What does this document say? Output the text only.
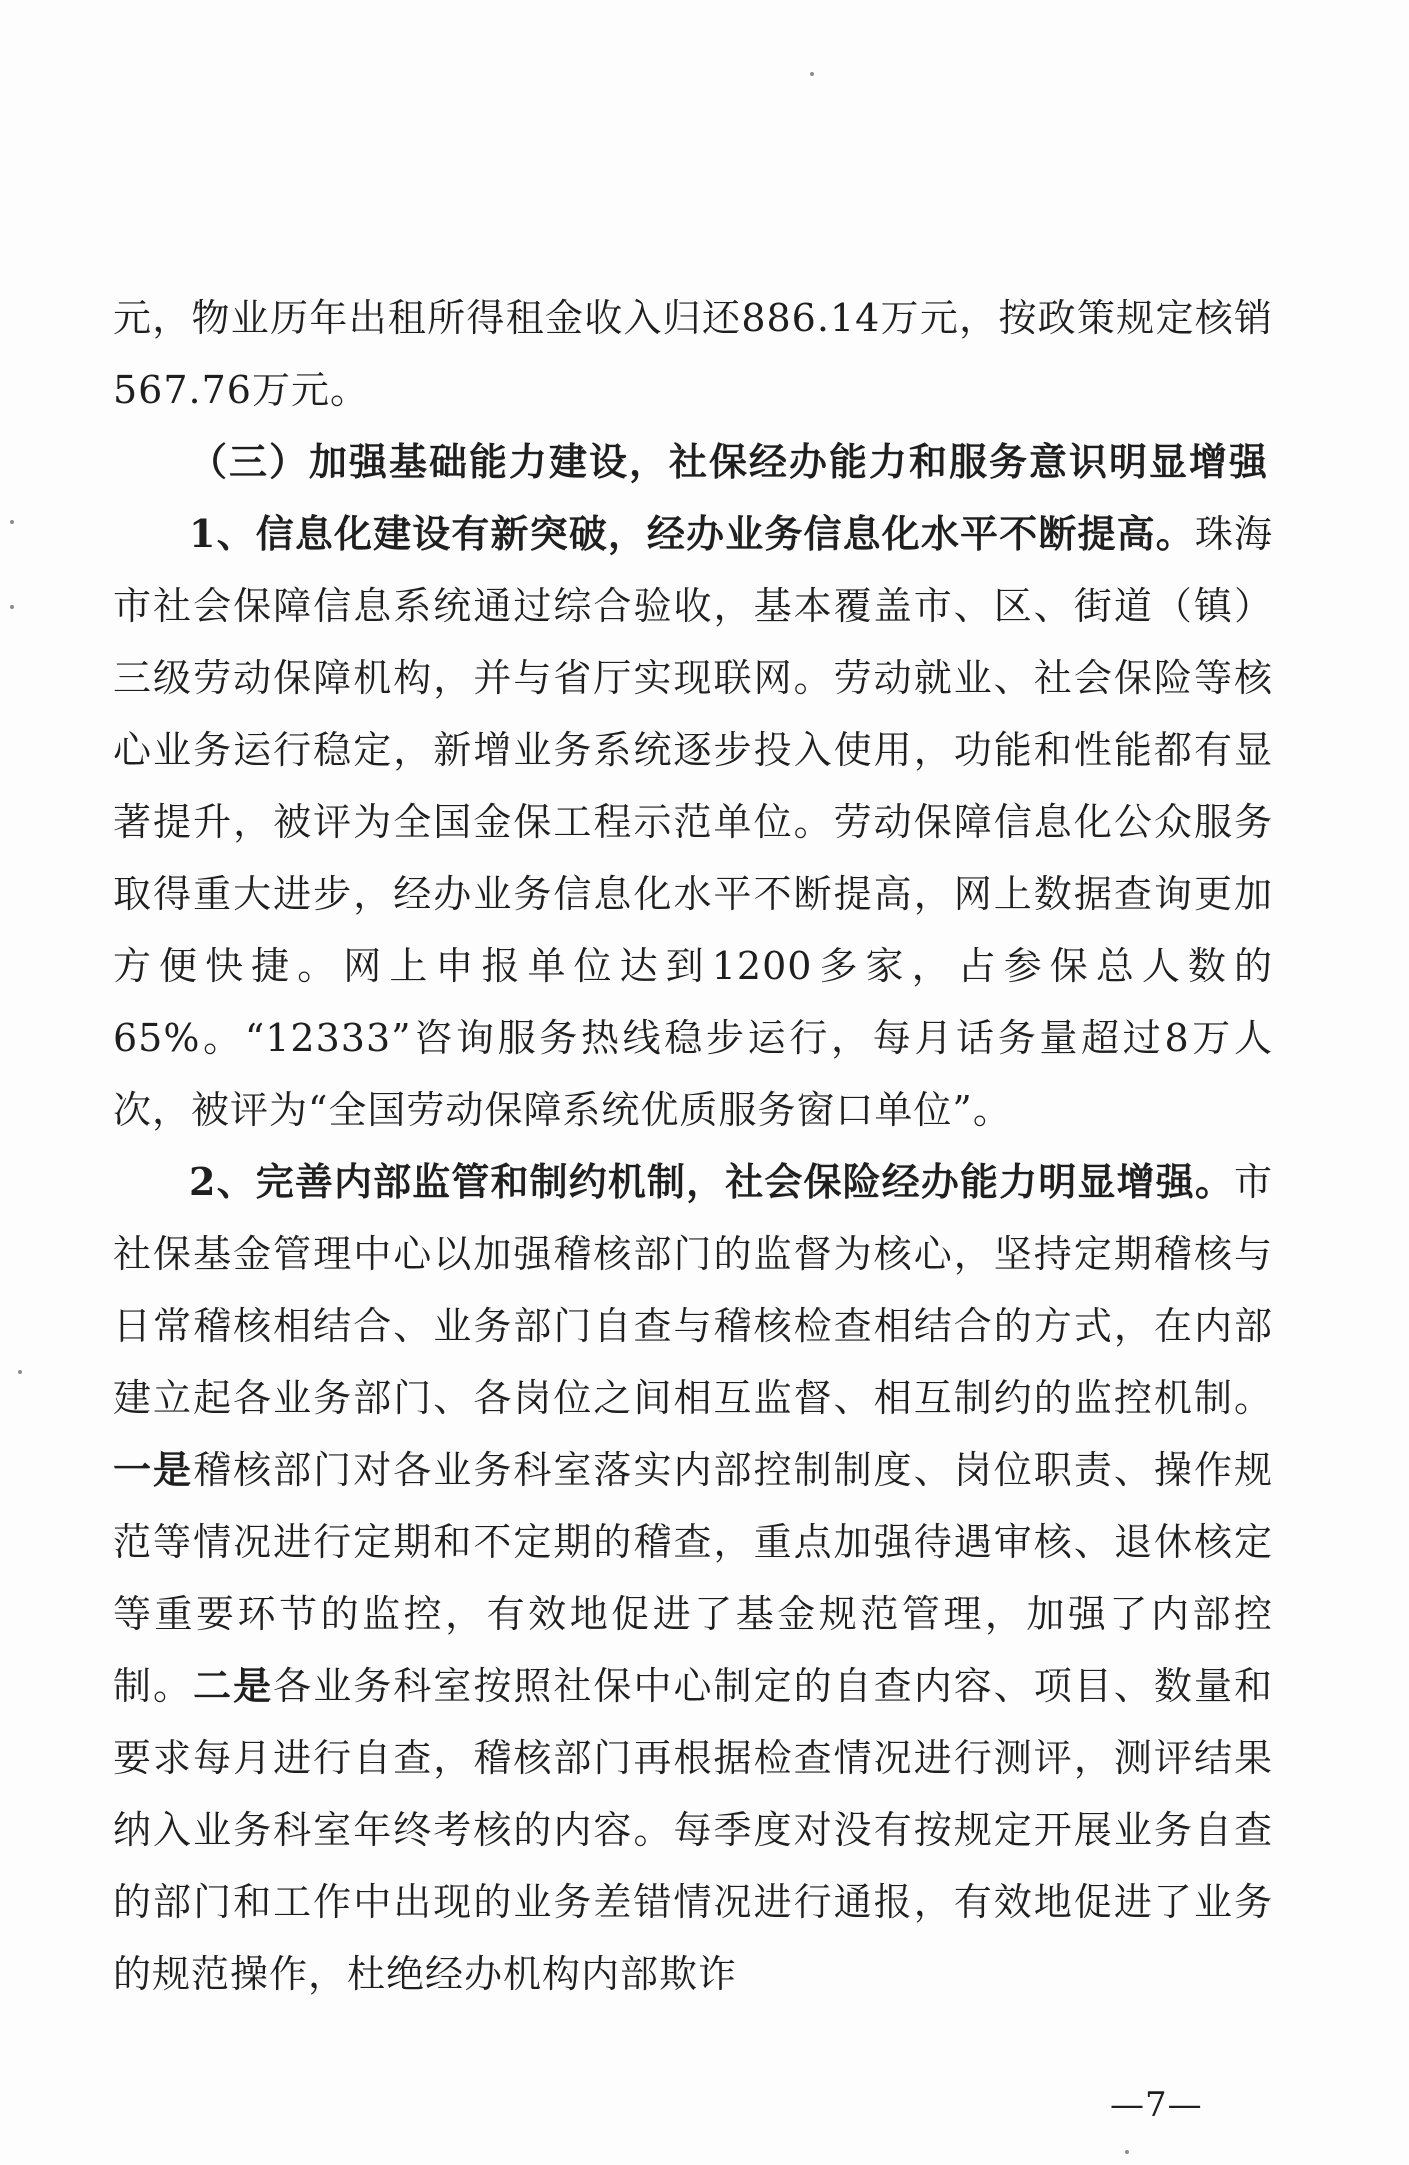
元，物业历年出租所得租金收入归还886.14万元，按政策规定核销567.76万元。

（三）加强基础能力建设，社保经办能力和服务意识明显增强

1、信息化建设有新突破，经办业务信息化水平不断提高。珠海市社会保障信息系统通过综合验收，基本覆盖市、区、街道（镇）三级劳动保障机构，并与省厅实现联网。劳动就业、社会保险等核心业务运行稳定，新增业务系统逐步投入使用，功能和性能都有显著提升，被评为全国金保工程示范单位。劳动保障信息化公众服务取得重大进步，经办业务信息化水平不断提高，网上数据查询更加方便快捷。网上申报单位达到1200多家，占参保总人数的65%。“12333”咨询服务热线稳步运行，每月话务量超过8万人次，被评为“全国劳动保障系统优质服务窗口单位”。

2、完善内部监管和制约机制，社会保险经办能力明显增强。市社保基金管理中心以加强稽核部门的监督为核心，坚持定期稽核与日常稽核相结合、业务部门自查与稽核检查相结合的方式，在内部建立起各业务部门、各岗位之间相互监督、相互制约的监控机制。一是稽核部门对各业务科室落实内部控制制度、岗位职责、操作规范等情况进行定期和不定期的稽查，重点加强待遇审核、退休核定等重要环节的监控，有效地促进了基金规范管理，加强了内部控制。二是各业务科室按照社保中心制定的自查内容、项目、数量和要求每月进行自查，稽核部门再根据检查情况进行测评，测评结果纳入业务科室年终考核的内容。每季度对没有按规定开展业务自查的部门和工作中出现的业务差错情况进行通报，有效地促进了业务的规范操作，杜绝经办机构内部欺诈

—7—
